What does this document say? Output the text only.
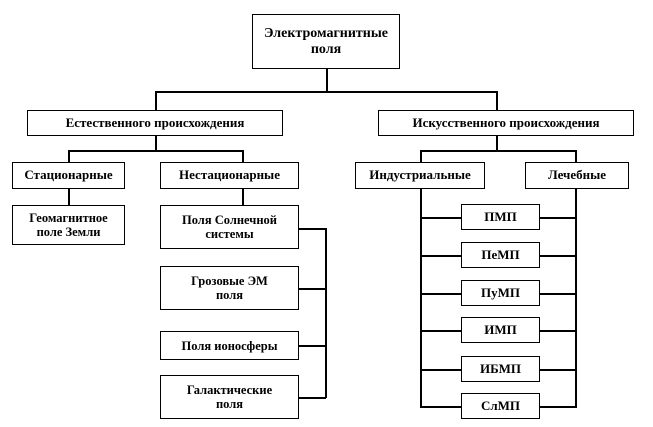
Электромагнитные
поля
Естественного происхождения	Искусственного происхождения
Стационарные	Нестационарные
Геомагнитное
поле Земли
Поля Солнечной
системы
Грозовые ЭМ
поля
Поля ионосферы
Галактические
поля
Индустриальные	Лечебные
ПМП
ПеМП
ПуМП
ИМП
ИБМП
СлМП
